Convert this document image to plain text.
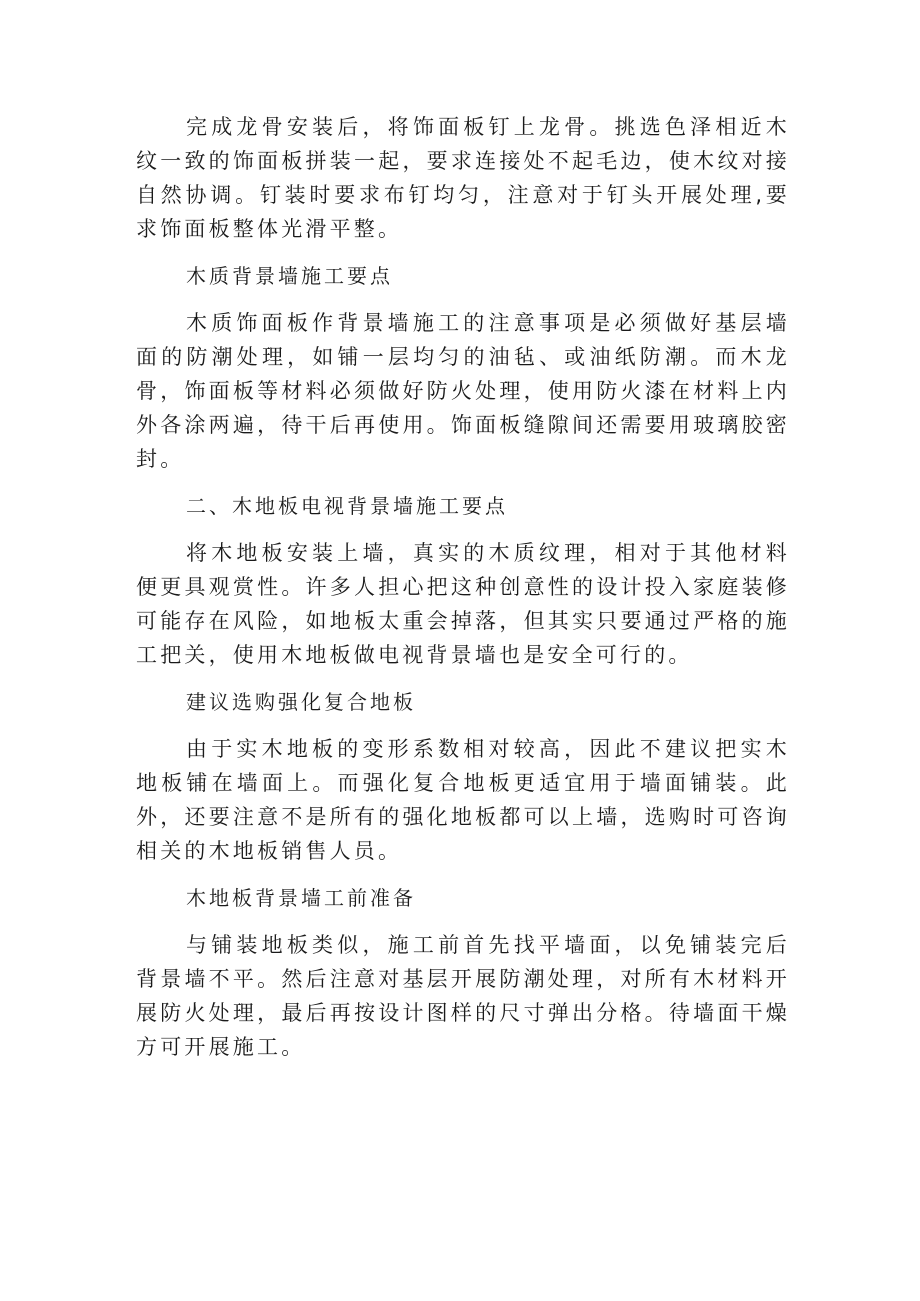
完成龙骨安装后，将饰面板钉上龙骨。挑选色泽相近木纹一致的饰面板拼装一起，要求连接处不起毛边，使木纹对接自然协调。钉装时要求布钉均匀，注意对于钉头开展处理,要求饰面板整体光滑平整。

木质背景墙施工要点

木质饰面板作背景墙施工的注意事项是必须做好基层墙面的防潮处理，如铺一层均匀的油毡、或油纸防潮。而木龙骨，饰面板等材料必须做好防火处理，使用防火漆在材料上内外各涂两遍，待干后再使用。饰面板缝隙间还需要用玻璃胶密封。

二、木地板电视背景墙施工要点

将木地板安装上墙，真实的木质纹理，相对于其他材料便更具观赏性。许多人担心把这种创意性的设计投入家庭装修可能存在风险，如地板太重会掉落，但其实只要通过严格的施工把关，使用木地板做电视背景墙也是安全可行的。

建议选购强化复合地板

由于实木地板的变形系数相对较高，因此不建议把实木地板铺在墙面上。而强化复合地板更适宜用于墙面铺装。此外，还要注意不是所有的强化地板都可以上墙，选购时可咨询相关的木地板销售人员。

木地板背景墙工前准备

与铺装地板类似，施工前首先找平墙面，以免铺装完后背景墙不平。然后注意对基层开展防潮处理，对所有木材料开展防火处理，最后再按设计图样的尺寸弹出分格。待墙面干燥方可开展施工。
